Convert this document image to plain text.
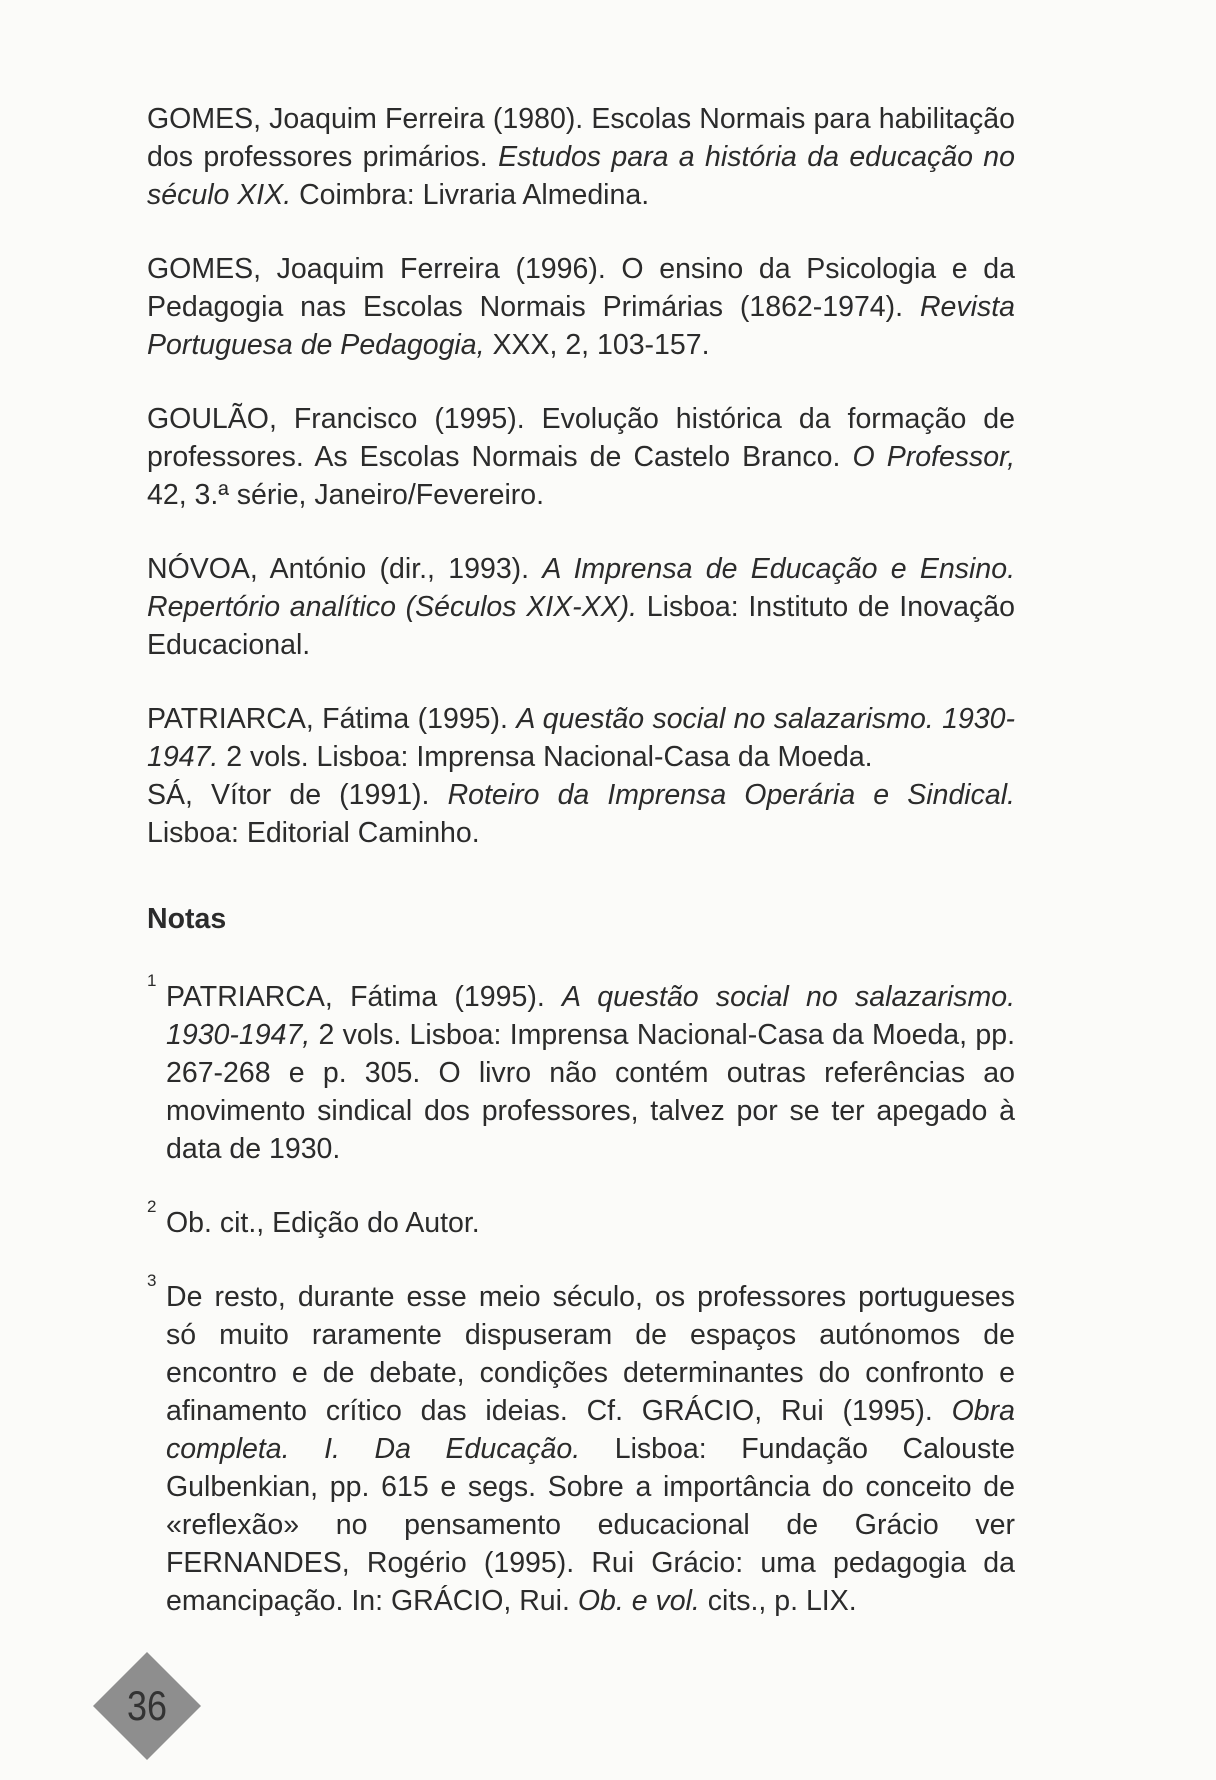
GOMES, Joaquim Ferreira (1980). Escolas Normais para habilitação dos professores primários. Estudos para a história da educação no século XIX. Coimbra: Livraria Almedina.

GOMES, Joaquim Ferreira (1996). O ensino da Psicologia e da Pedagogia nas Escolas Normais Primárias (1862-1974). Revista Portuguesa de Pedagogia, XXX, 2, 103-157.

GOULÃO, Francisco (1995). Evolução histórica da formação de professores. As Escolas Normais de Castelo Branco. O Professor, 42, 3.ª série, Janeiro/Fevereiro.

NÓVOA, António (dir., 1993). A Imprensa de Educação e Ensino. Repertório analítico (Séculos XIX-XX). Lisboa: Instituto de Inovação Educacional.

PATRIARCA, Fátima (1995). A questão social no salazarismo. 1930-1947. 2 vols. Lisboa: Imprensa Nacional-Casa da Moeda.

SÁ, Vítor de (1991). Roteiro da Imprensa Operária e Sindical. Lisboa: Editorial Caminho.

Notas

1
PATRIARCA, Fátima (1995). A questão social no salazarismo. 1930-1947, 2 vols. Lisboa: Imprensa Nacional-Casa da Moeda, pp. 267-268 e p. 305. O livro não contém outras referências ao movimento sindical dos professores, talvez por se ter apegado à data de 1930.

2
Ob. cit., Edição do Autor.

3
De resto, durante esse meio século, os professores portugueses só muito raramente dispuseram de espaços autónomos de encontro e de debate, condições determinantes do confronto e afinamento crítico das ideias. Cf. GRÁCIO, Rui (1995). Obra completa. I. Da Educação. Lisboa: Fundação Calouste Gulbenkian, pp. 615 e segs. Sobre a importância do conceito de «reflexão» no pensamento educacional de Grácio ver FERNANDES, Rogério (1995). Rui Grácio: uma pedagogia da emancipação. In: GRÁCIO, Rui. Ob. e vol. cits., p. LIX.

36
